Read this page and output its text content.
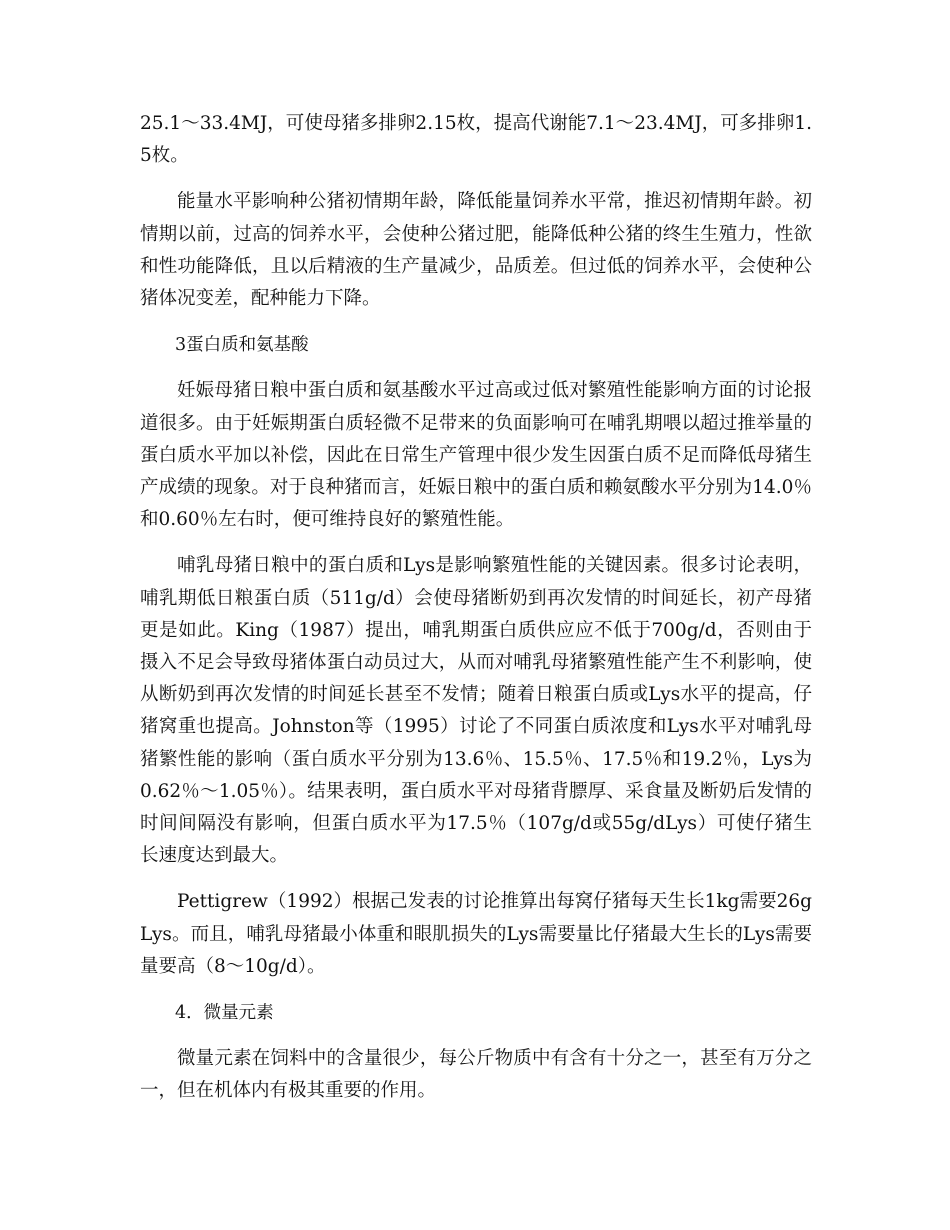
25.1～33.4MJ，可使母猪多排卵2.15枚，提高代谢能7.1～23.4MJ，可多排卵1.5枚。

能量水平影响种公猪初情期年龄，降低能量饲养水平常，推迟初情期年龄。初情期以前，过高的饲养水平，会使种公猪过肥，能降低种公猪的终生生殖力，性欲和性功能降低，且以后精液的生产量减少，品质差。但过低的饲养水平，会使种公猪体况变差，配种能力下降。

3蛋白质和氨基酸

妊娠母猪日粮中蛋白质和氨基酸水平过高或过低对繁殖性能影响方面的讨论报道很多。由于妊娠期蛋白质轻微不足带来的负面影响可在哺乳期喂以超过推举量的蛋白质水平加以补偿，因此在日常生产管理中很少发生因蛋白质不足而降低母猪生产成绩的现象。对于良种猪而言，妊娠日粮中的蛋白质和赖氨酸水平分别为14.0％和0.60％左右时，便可维持良好的繁殖性能。

哺乳母猪日粮中的蛋白质和Lys是影响繁殖性能的关键因素。很多讨论表明，哺乳期低日粮蛋白质（511g/d）会使母猪断奶到再次发情的时间延长，初产母猪更是如此。King（1987）提出，哺乳期蛋白质供应应不低于700g/d，否则由于摄入不足会导致母猪体蛋白动员过大，从而对哺乳母猪繁殖性能产生不利影响，使从断奶到再次发情的时间延长甚至不发情；随着日粮蛋白质或Lys水平的提高，仔猪窝重也提高。Johnston等（1995）讨论了不同蛋白质浓度和Lys水平对哺乳母猪繁性能的影响（蛋白质水平分别为13.6％、15.5％、17.5％和19.2％，Lys为0.62％～1.05％）。结果表明，蛋白质水平对母猪背膘厚、采食量及断奶后发情的时间间隔没有影响，但蛋白质水平为17.5％（107g/d或55g/dLys）可使仔猪生长速度达到最大。

Pettigrew（1992）根据己发表的讨论推算出每窝仔猪每天生长1kg需要26gLys。而且，哺乳母猪最小体重和眼肌损失的Lys需要量比仔猪最大生长的Lys需要量要高（8～10g/d）。

4．微量元素

微量元素在饲料中的含量很少，每公斤物质中有含有十分之一，甚至有万分之一，但在机体内有极其重要的作用。
